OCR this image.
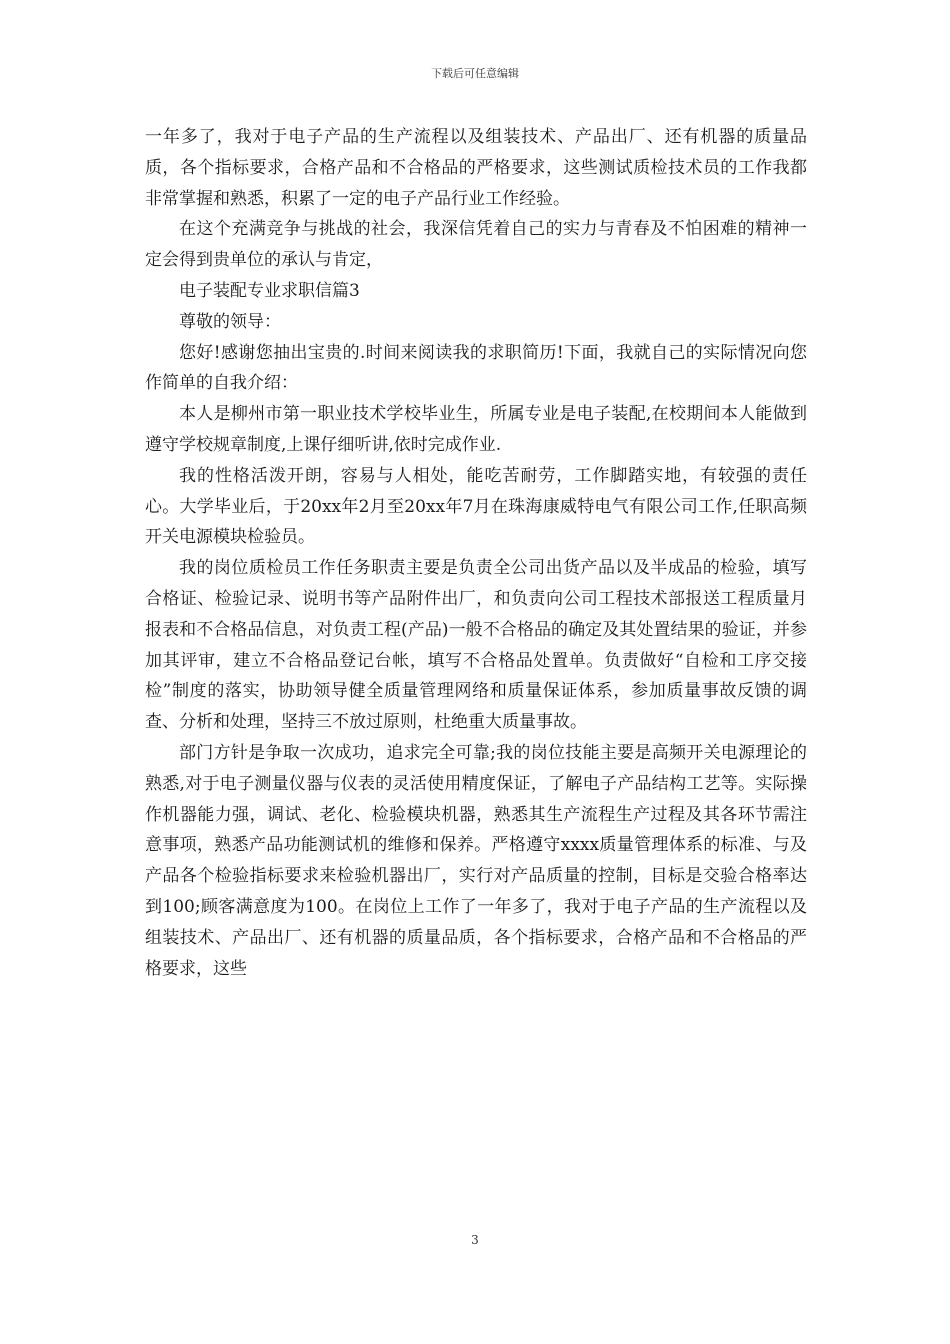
下载后可任意编辑

一年多了，我对于电子产品的生产流程以及组装技术、产品出厂、还有机器的质量品质，各个指标要求，合格产品和不合格品的严格要求，这些测试质检技术员的工作我都非常掌握和熟悉，积累了一定的电子产品行业工作经验。

在这个充满竞争与挑战的社会，我深信凭着自己的实力与青春及不怕困难的精神一定会得到贵单位的承认与肯定，

电子装配专业求职信篇3

尊敬的领导：

您好!感谢您抽出宝贵的.时间来阅读我的求职简历!下面，我就自己的实际情况向您作简单的自我介绍：

本人是柳州市第一职业技术学校毕业生，所属专业是电子装配,在校期间本人能做到遵守学校规章制度,上课仔细听讲,依时完成作业.

我的性格活泼开朗，容易与人相处，能吃苦耐劳，工作脚踏实地，有较强的责任心。大学毕业后，于20xx年2月至20xx年7月在珠海康威特电气有限公司工作,任职高频开关电源模块检验员。

我的岗位质检员工作任务职责主要是负责全公司出货产品以及半成品的检验，填写合格证、检验记录、说明书等产品附件出厂，和负责向公司工程技术部报送工程质量月报表和不合格品信息，对负责工程(产品)一般不合格品的确定及其处置结果的验证，并参加其评审，建立不合格品登记台帐，填写不合格品处置单。负责做好“自检和工序交接检”制度的落实，协助领导健全质量管理网络和质量保证体系，参加质量事故反馈的调查、分析和处理，坚持三不放过原则，杜绝重大质量事故。

部门方针是争取一次成功，追求完全可靠;我的岗位技能主要是高频开关电源理论的熟悉,对于电子测量仪器与仪表的灵活使用精度保证，了解电子产品结构工艺等。实际操作机器能力强，调试、老化、检验模块机器，熟悉其生产流程生产过程及其各环节需注意事项，熟悉产品功能测试机的维修和保养。严格遵守xxxx质量管理体系的标准、与及产品各个检验指标要求来检验机器出厂，实行对产品质量的控制，目标是交验合格率达到100;顾客满意度为100。在岗位上工作了一年多了，我对于电子产品的生产流程以及组装技术、产品出厂、还有机器的质量品质，各个指标要求，合格产品和不合格品的严格要求，这些

3
